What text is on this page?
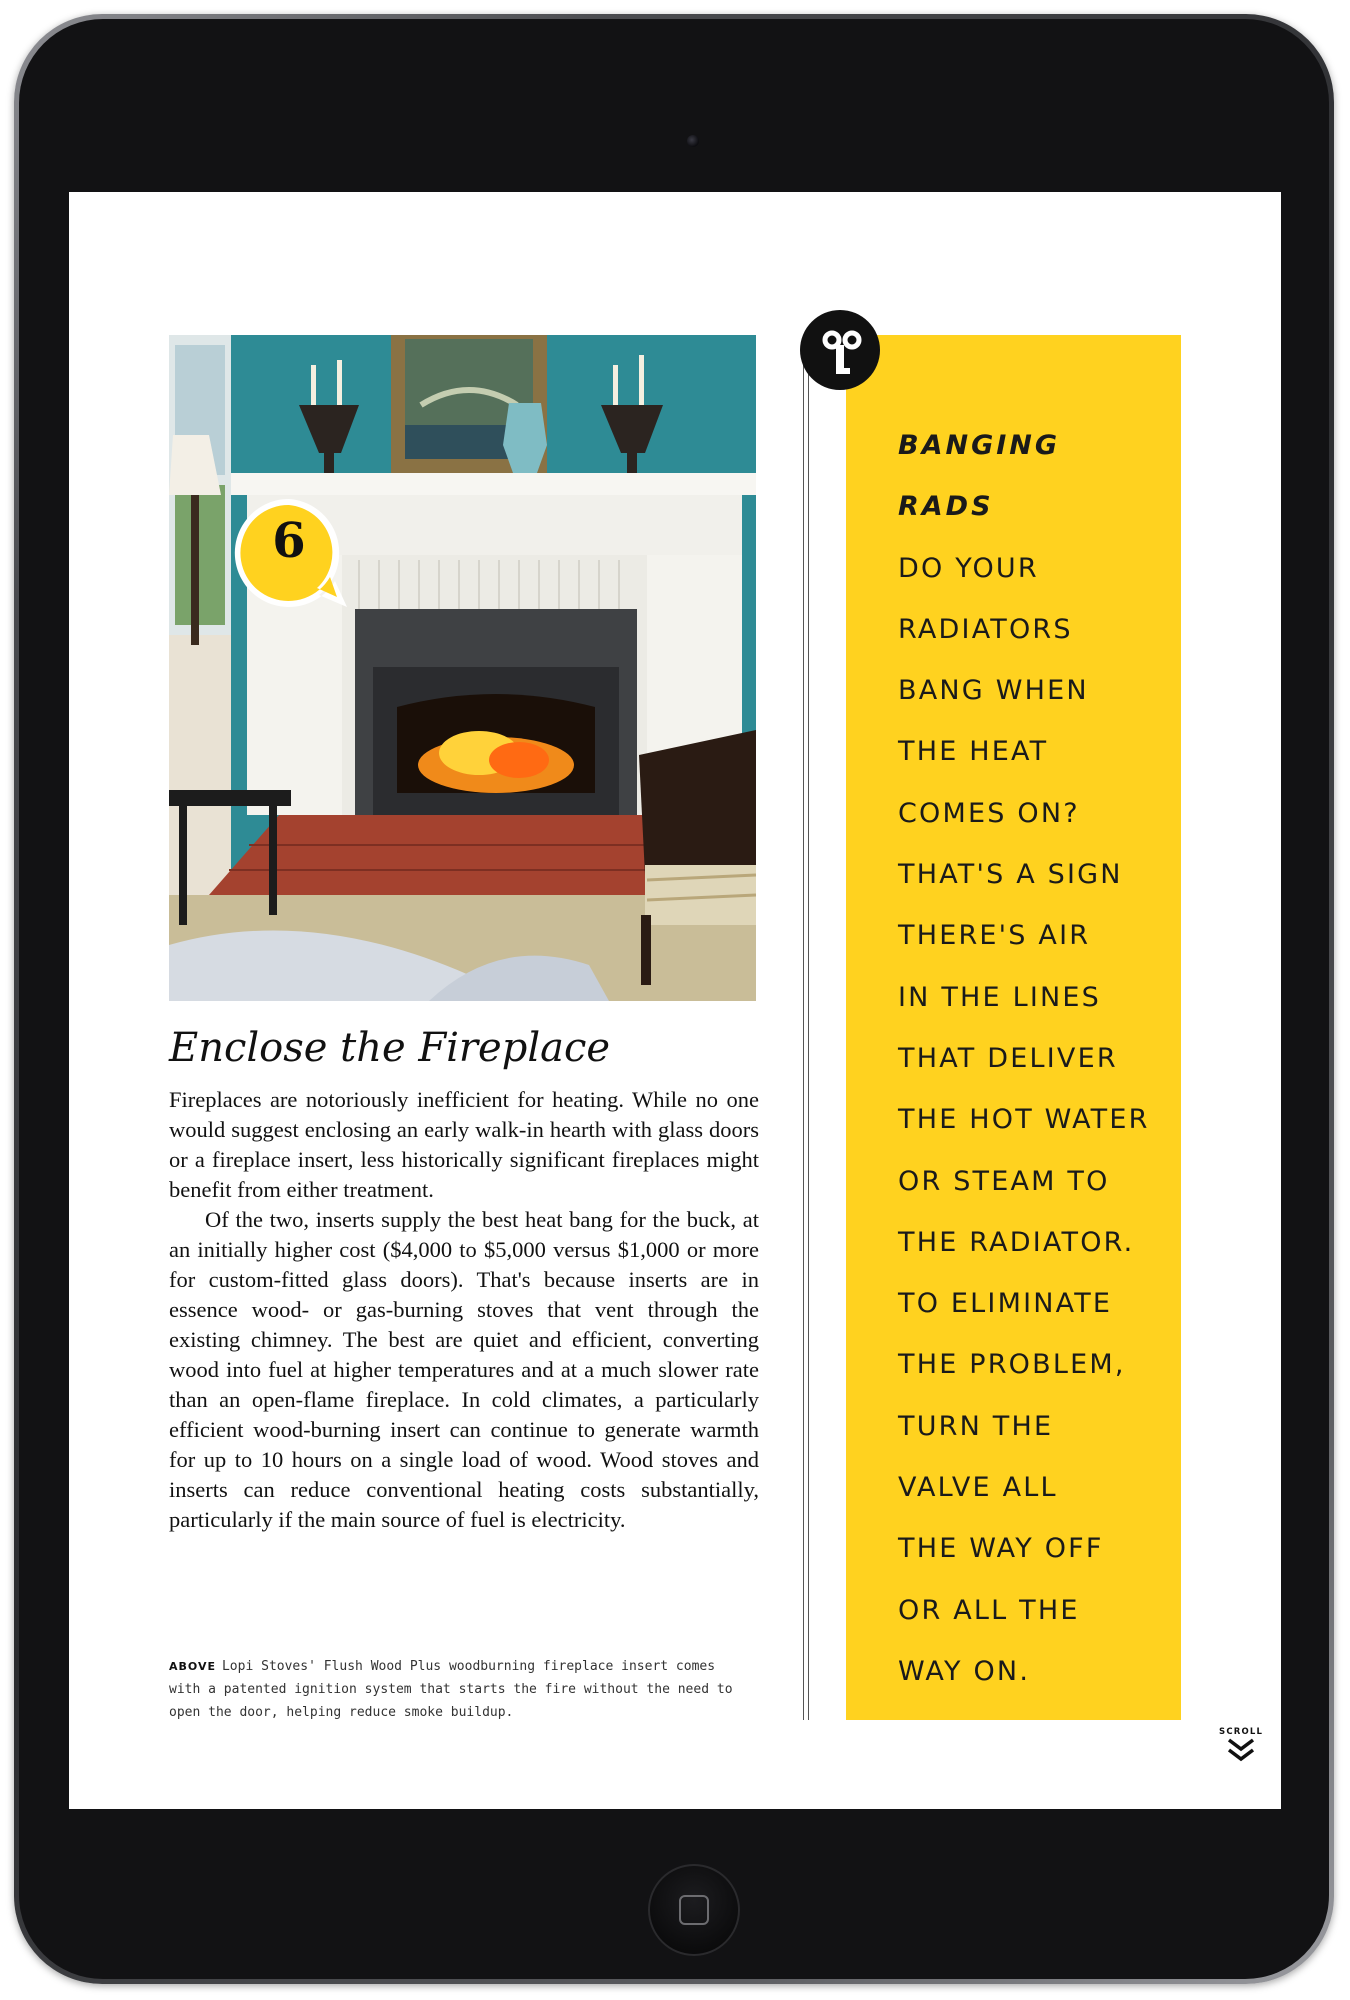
6
Enclose the Fireplace

Fireplaces are notoriously inefficient for heating. While no one would suggest enclosing an early walk-in hearth with glass doors or a fireplace insert, less historically significant fireplaces might benefit from either treatment.

Of the two, inserts supply the best heat bang for the buck, at an initially higher cost ($4,000 to $5,000 versus $1,000 or more for custom-fitted glass doors). That's because inserts are in essence wood- or gas-burning stoves that vent through the existing chimney. The best are quiet and efficient, converting wood into fuel at higher temperatures and at a much slower rate than an open-flame fireplace. In cold climates, a particularly efficient wood-burning insert can continue to generate warmth for up to 10 hours on a single load of wood. Wood stoves and inserts can reduce conventional heating costs substantially, particularly if the main source of fuel is electricity.

ABOVE Lopi Stoves' Flush Wood Plus woodburning fireplace insert comes with a patented ignition system that starts the fire without the need to open the door, helping reduce smoke buildup.
BANGING
RADS
DO YOUR
RADIATORS
BANG WHEN
THE HEAT
COMES ON?
THAT'S A SIGN
THERE'S AIR
IN THE LINES
THAT DELIVER
THE HOT WATER
OR STEAM TO
THE RADIATOR.
TO ELIMINATE
THE PROBLEM,
TURN THE
VALVE ALL
THE WAY OFF
OR ALL THE
WAY ON.
SCROLL
